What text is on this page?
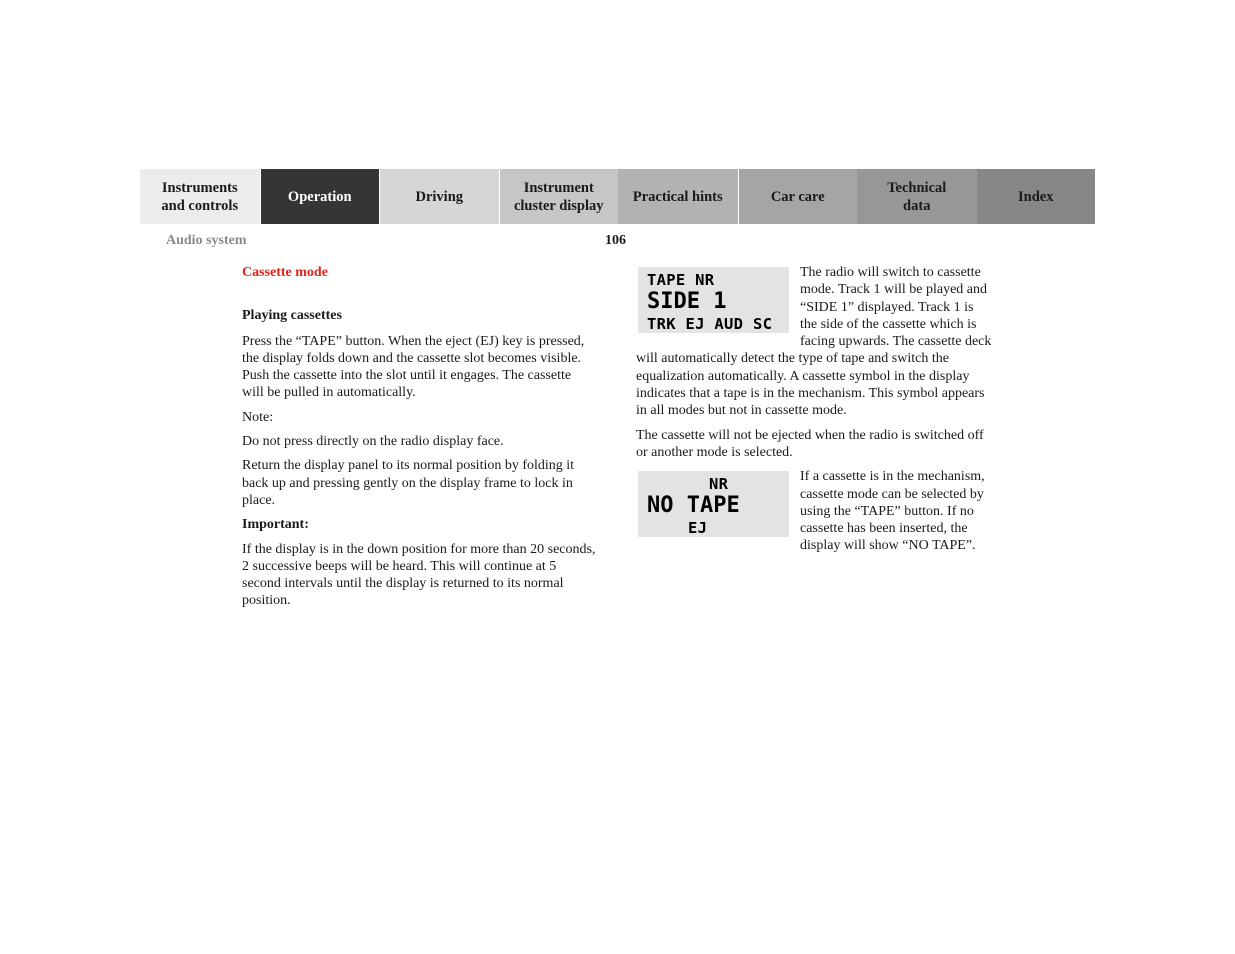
Instruments
and controls
Operation	Driving
Instrument
cluster display
Practical hints	Car care
Technical
data
Index
Audio system	106

Cassette mode

Playing cassettes

Press the “TAPE” button. When the eject (EJ) key is pressed, the display folds down and the cassette slot becomes visible. Push the cassette into the slot until it engages. The cassette will be pulled in automatically.

Note:

Do not press directly on the radio display face.

Return the display panel to its normal position by folding it back up and pressing gently on the display frame to lock in place.

Important:

If the display is in the down position for more than 20 seconds, 2 successive beeps will be heard. This will continue at 5 second intervals until the display is returned to its normal position.

TAPE NR
SIDE 1
TRK EJ AUD SC

The radio will switch to cassette mode. Track 1 will be played and “SIDE 1” displayed. Track 1 is the side of the cassette which is facing upwards. The cassette deck will automatically detect the type of tape and switch the equalization automatically. A cassette symbol in the display indicates that a tape is in the mechanism. This symbol appears in all modes but not in cassette mode.

The cassette will not be ejected when the radio is switched off or another mode is selected.

NR
NO TAPE
EJ

If a cassette is in the mechanism, cassette mode can be selected by using the “TAPE” button. If no cassette has been inserted, the display will show “NO TAPE”.
